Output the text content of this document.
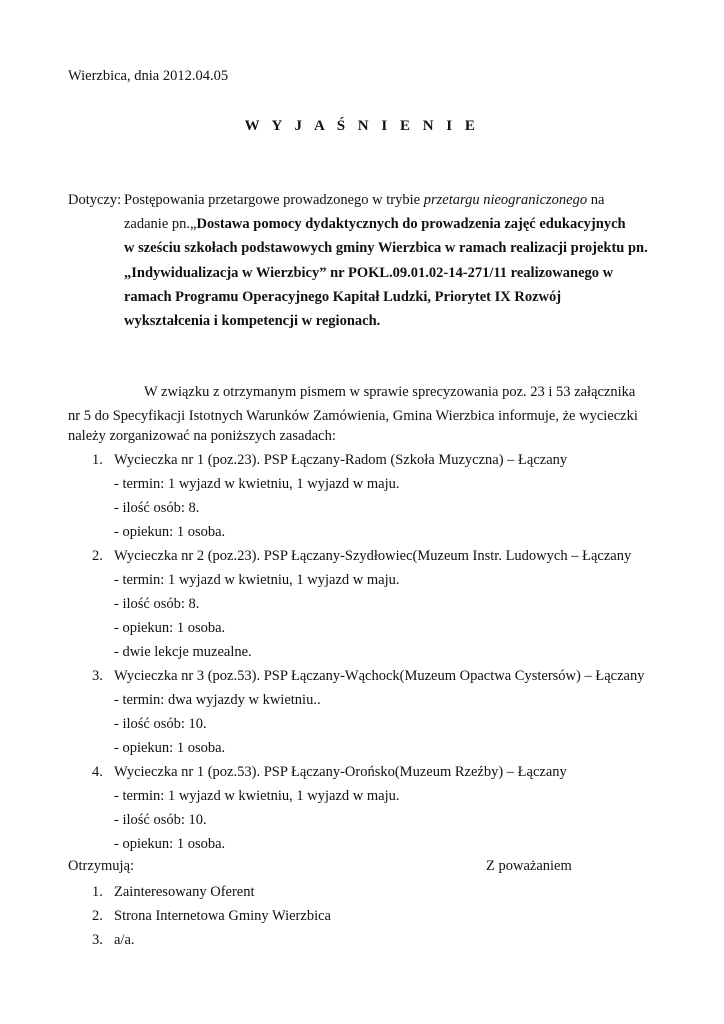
Wierzbica, dnia 2012.04.05
W Y J A Ś N I E N I E
Dotyczy: Postępowania przetargowe prowadzonego w trybie przetargu nieograniczonego na
zadanie pn.„Dostawa pomocy dydaktycznych do prowadzenia zajęć edukacyjnych
w sześciu szkołach podstawowych gminy Wierzbica w ramach realizacji projektu pn.
„Indywidualizacja w Wierzbicy” nr POKL.09.01.02-14-271/11 realizowanego w
ramach Programu Operacyjnego Kapitał Ludzki, Priorytet IX Rozwój
wykształcenia i kompetencji w regionach.
W związku z otrzymanym pismem w sprawie sprecyzowania poz. 23 i 53 załącznika
nr 5 do Specyfikacji Istotnych Warunków Zamówienia, Gmina Wierzbica informuje, że wycieczki
należy zorganizować na poniższych zasadach:
1. Wycieczka nr 1 (poz.23). PSP Łączany-Radom (Szkoła Muzyczna) – Łączany
- termin: 1 wyjazd w kwietniu, 1 wyjazd w maju.
- ilość osób: 8.
- opiekun: 1 osoba.
2. Wycieczka nr 2 (poz.23). PSP Łączany-Szydłowiec(Muzeum Instr. Ludowych – Łączany
- termin: 1 wyjazd w kwietniu, 1 wyjazd w maju.
- ilość osób: 8.
- opiekun: 1 osoba.
- dwie lekcje muzealne.
3. Wycieczka nr 3 (poz.53). PSP Łączany-Wąchock(Muzeum Opactwa Cystersów) – Łączany
- termin: dwa wyjazdy w kwietniu..
- ilość osób: 10.
- opiekun: 1 osoba.
4. Wycieczka nr 1 (poz.53). PSP Łączany-Orońsko(Muzeum Rzeźby) – Łączany
- termin: 1 wyjazd w kwietniu, 1 wyjazd w maju.
- ilość osób: 10.
- opiekun: 1 osoba.
Otrzymują:	Z poważaniem
1. Zainteresowany Oferent
2. Strona Internetowa Gminy Wierzbica
3. a/a.
